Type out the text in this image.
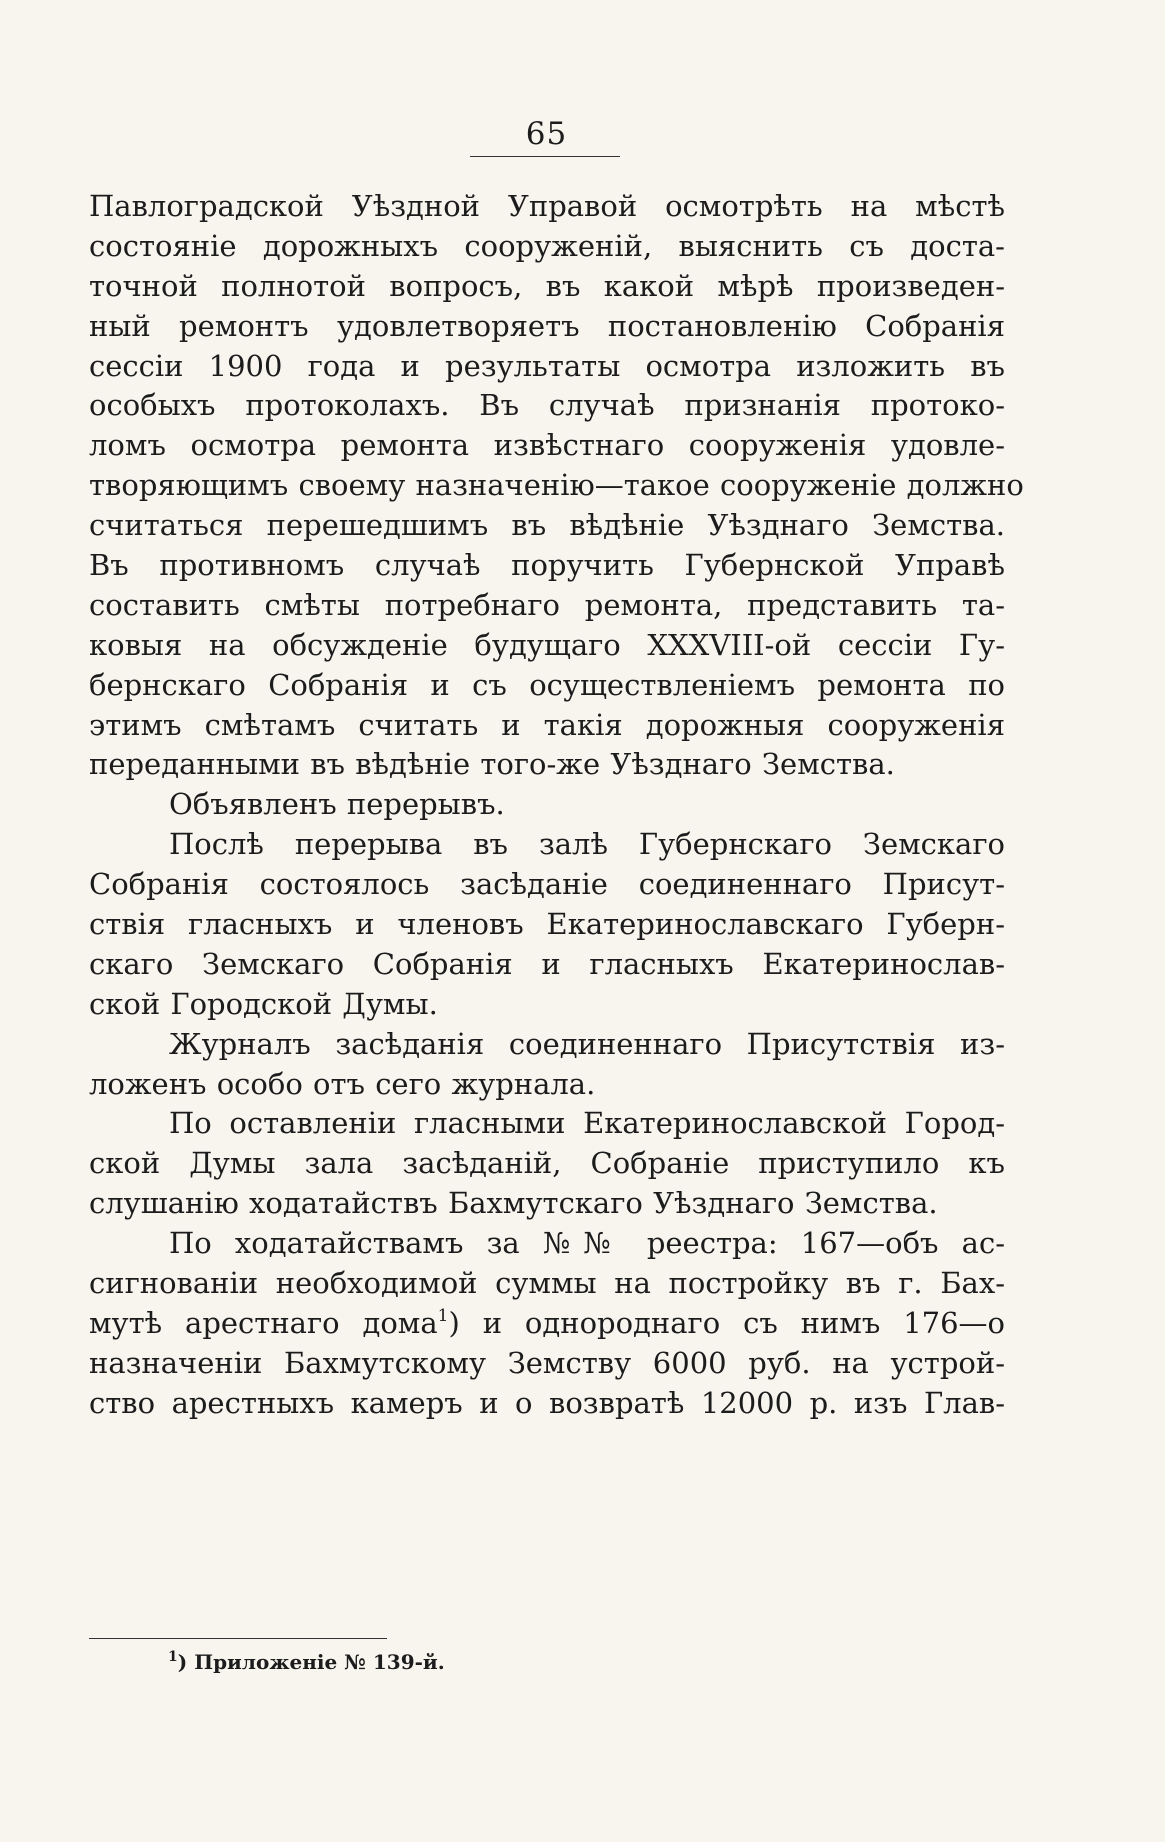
65
Павлоградской Уѣздной Управой осмотрѣть на мѣстѣ
состояніе дорожныхъ сооруженій, выяснить съ доста-
точной полнотой вопросъ, въ какой мѣрѣ произведен-
ный ремонтъ удовлетворяетъ постановленію Собранія
сессіи 1900 года и результаты осмотра изложить въ
особыхъ протоколахъ. Въ случаѣ признанія протоко-
ломъ осмотра ремонта извѣстнаго сооруженія удовле-
творяющимъ своему назначенію—такое сооруженіе должно
считаться перешедшимъ въ вѣдѣніе Уѣзднаго Земства.
Въ противномъ случаѣ поручить Губернской Управѣ
составить смѣты потребнаго ремонта, представить та-
ковыя на обсужденіе будущаго XXXVIII-ой сессіи Гу-
бернскаго Собранія и съ осуществленіемъ ремонта по
этимъ смѣтамъ считать и такія дорожныя сооруженія
переданными въ вѣдѣніе того-же Уѣзднаго Земства.
Объявленъ перерывъ.
Послѣ перерыва въ залѣ Губернскаго Земскаго
Собранія состоялось засѣданіе соединеннаго Присут-
ствія гласныхъ и членовъ Екатеринославскаго Губерн-
скаго Земскаго Собранія и гласныхъ Екатеринослав-
ской Городской Думы.
Журналъ засѣданія соединеннаго Присутствія из-
ложенъ особо отъ сего журнала.
По оставленіи гласными Екатеринославской Город-
ской Думы зала засѣданій, Собраніе приступило къ
слушанію ходатайствъ Бахмутскаго Уѣзднаго Земства.
По ходатайствамъ за №№ реестра: 167—объ ас-
сигнованіи необходимой суммы на постройку въ г. Бах-
мутѣ арестнаго дома$^1$) и однороднаго съ нимъ 176—о
назначеніи Бахмутскому Земству 6000 руб. на устрой-
ство арестныхъ камеръ и о возвратѣ 12000 р. изъ Глав-
$^1$) Приложеніе № 139-й.
